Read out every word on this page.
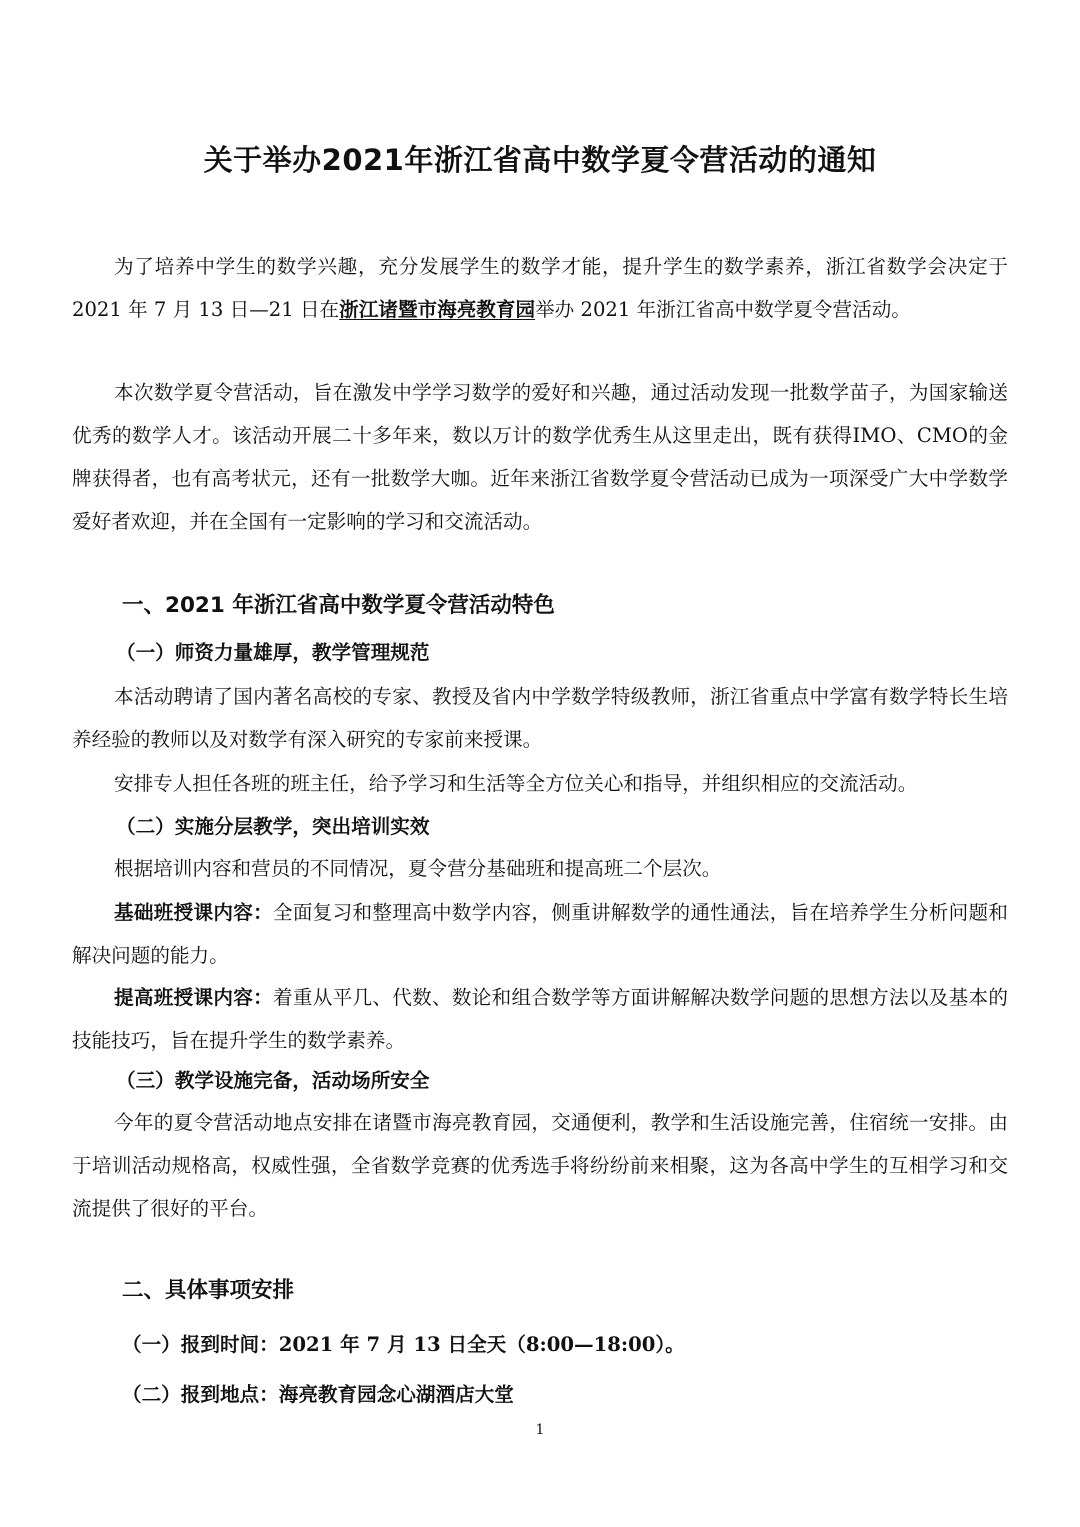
关于举办2021年浙江省高中数学夏令营活动的通知

为了培养中学生的数学兴趣，充分发展学生的数学才能，提升学生的数学素养，浙江省数学会决定于 2021 年 7 月 13 日—21 日在浙江诸暨市海亮教育园举办 2021 年浙江省高中数学夏令营活动。

本次数学夏令营活动，旨在激发中学学习数学的爱好和兴趣，通过活动发现一批数学苗子，为国家输送优秀的数学人才。该活动开展二十多年来，数以万计的数学优秀生从这里走出，既有获得IMO、CMO的金牌获得者，也有高考状元，还有一批数学大咖。近年来浙江省数学夏令营活动已成为一项深受广大中学数学爱好者欢迎，并在全国有一定影响的学习和交流活动。

一、2021 年浙江省高中数学夏令营活动特色
（一）师资力量雄厚，教学管理规范

本活动聘请了国内著名高校的专家、教授及省内中学数学特级教师，浙江省重点中学富有数学特长生培养经验的教师以及对数学有深入研究的专家前来授课。

安排专人担任各班的班主任，给予学习和生活等全方位关心和指导，并组织相应的交流活动。

（二）实施分层教学，突出培训实效

根据培训内容和营员的不同情况，夏令营分基础班和提高班二个层次。

基础班授课内容：全面复习和整理高中数学内容，侧重讲解数学的通性通法，旨在培养学生分析问题和解决问题的能力。

提高班授课内容：着重从平几、代数、数论和组合数学等方面讲解解决数学问题的思想方法以及基本的技能技巧，旨在提升学生的数学素养。

（三）教学设施完备，活动场所安全

今年的夏令营活动地点安排在诸暨市海亮教育园，交通便利，教学和生活设施完善，住宿统一安排。由于培训活动规格高，权威性强，全省数学竞赛的优秀选手将纷纷前来相聚，这为各高中学生的互相学习和交流提供了很好的平台。

二、具体事项安排

（一）报到时间：2021 年 7 月 13 日全天（8:00—18:00）。

（二）报到地点：海亮教育园念心湖酒店大堂

1
